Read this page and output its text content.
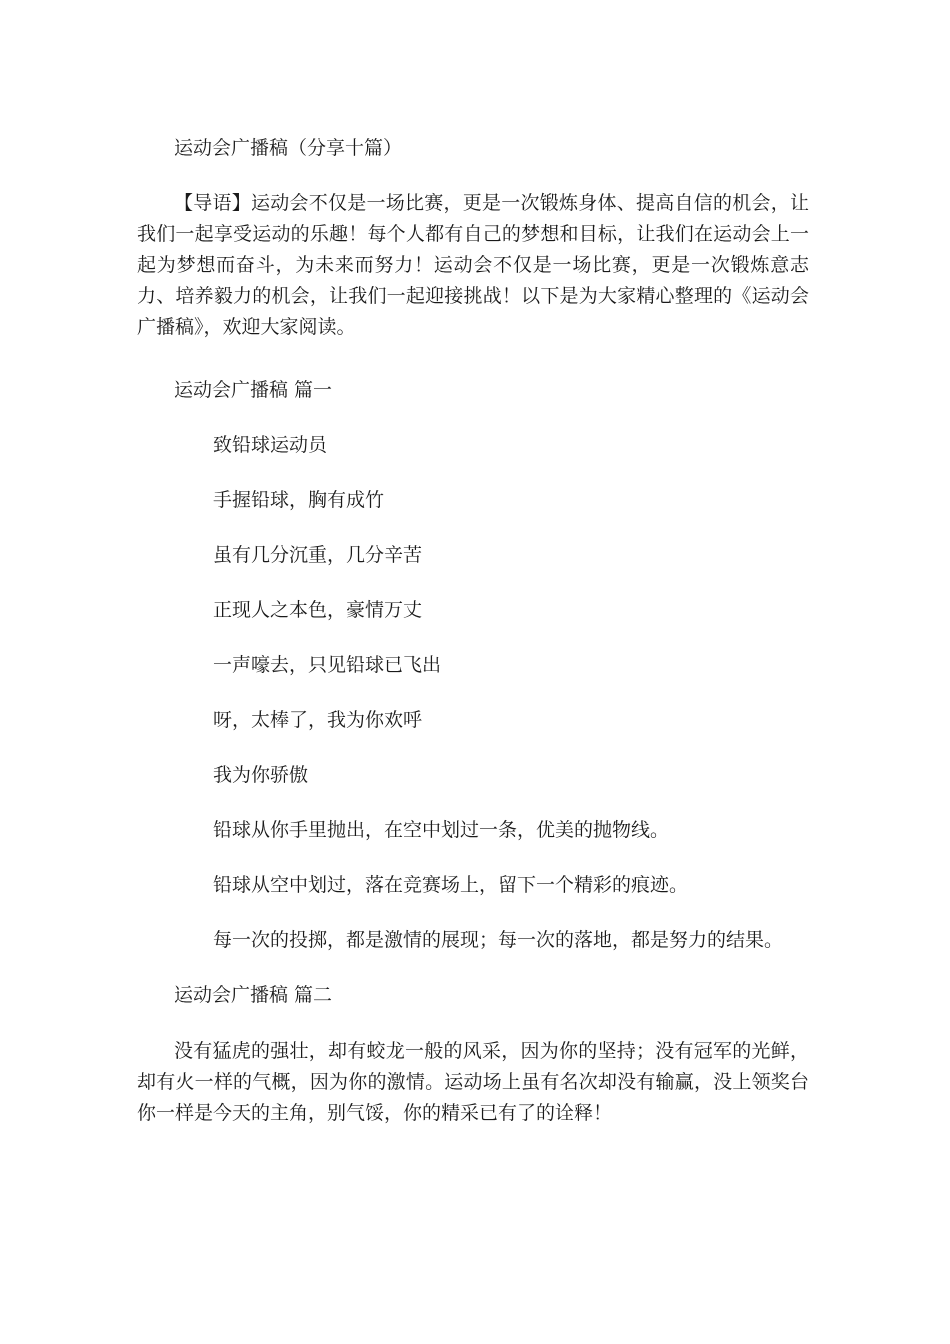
运动会广播稿（分享十篇）

【导语】运动会不仅是一场比赛，更是一次锻炼身体、提高自信的机会，让我们一起享受运动的乐趣！每个人都有自己的梦想和目标，让我们在运动会上一起为梦想而奋斗，为未来而努力！运动会不仅是一场比赛，更是一次锻炼意志力、培养毅力的机会，让我们一起迎接挑战！以下是为大家精心整理的《运动会广播稿》，欢迎大家阅读。

运动会广播稿 篇一
致铅球运动员
手握铅球，胸有成竹
虽有几分沉重，几分辛苦
正现人之本色，豪情万丈
一声嚎去，只见铅球已飞出
呀，太棒了，我为你欢呼
我为你骄傲
铅球从你手里抛出，在空中划过一条，优美的抛物线。
铅球从空中划过，落在竞赛场上，留下一个精彩的痕迹。
每一次的投掷，都是激情的展现；每一次的落地，都是努力的结果。
运动会广播稿 篇二

没有猛虎的强壮，却有蛟龙一般的风采，因为你的坚持；没有冠军的光鲜，却有火一样的气概，因为你的激情。运动场上虽有名次却没有输赢，没上领奖台你一样是今天的主角，别气馁，你的精采已有了的诠释！
